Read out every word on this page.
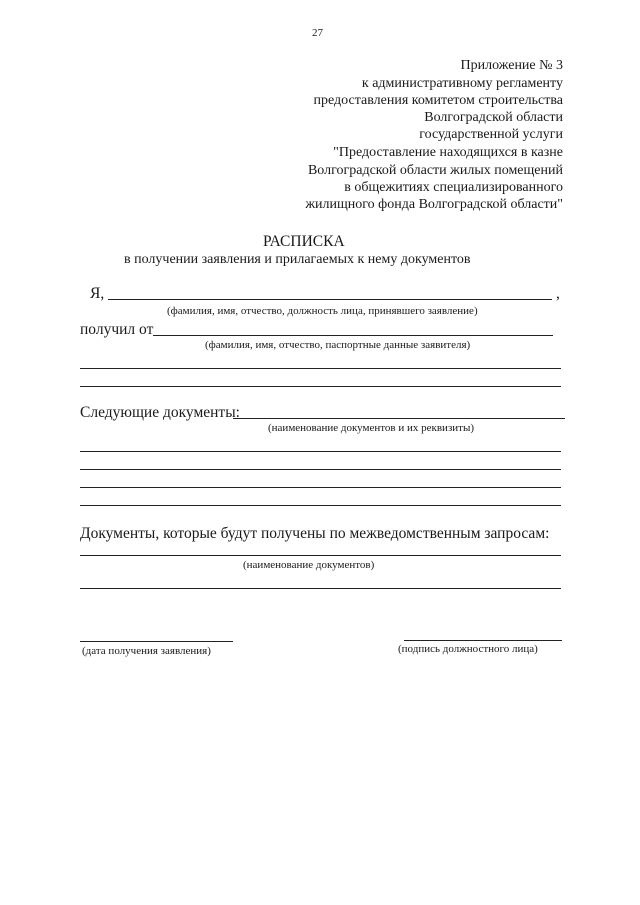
27
Приложение № 3
к административному регламенту
предоставления комитетом строительства
Волгоградской области
государственной услуги
"Предоставление находящихся в казне
Волгоградской области жилых помещений
в общежитиях специализированного
жилищного фонда Волгоградской области"
РАСПИСКА
в получении заявления и прилагаемых к нему документов
Я,	,
(фамилия, имя, отчество, должность лица, принявшего заявление)
получил от
(фамилия, имя, отчество, паспортные данные заявителя)
Следующие документы:
(наименование документов и их реквизиты)
Документы, которые будут получены по межведомственным запросам:
(наименование документов)
(дата получения заявления)	(подпись должностного лица)
